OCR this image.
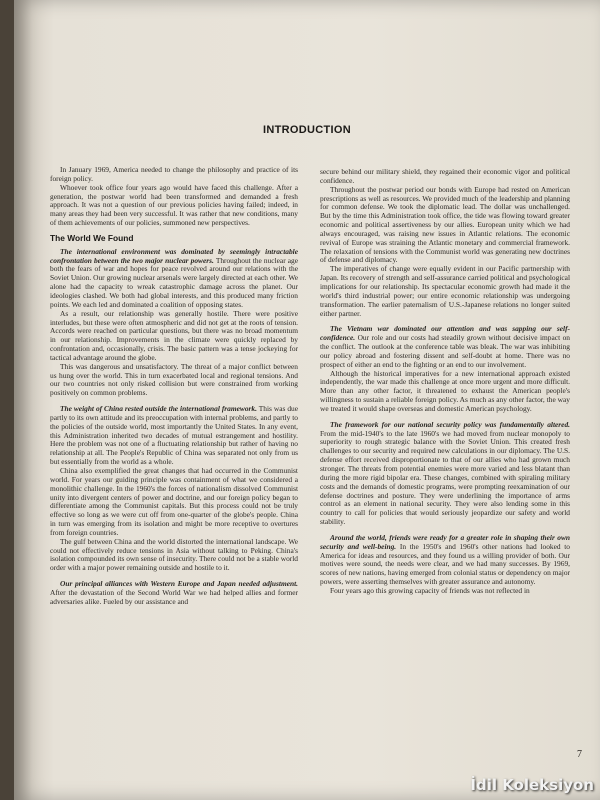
INTRODUCTION

In January 1969, America needed to change the philosophy and practice of its foreign policy.

Whoever took office four years ago would have faced this challenge. After a generation, the postwar world had been transformed and demanded a fresh approach. It was not a question of our previous policies having failed; indeed, in many areas they had been very successful. It was rather that new conditions, many of them achievements of our policies, summoned new perspectives.

The World We Found

The international environment was dominated by seemingly intractable confrontation between the two major nuclear powers. Throughout the nuclear age both the fears of war and hopes for peace revolved around our relations with the Soviet Union. Our growing nuclear arsenals were largely directed at each other. We alone had the capacity to wreak catastrophic damage across the planet. Our ideologies clashed. We both had global interests, and this produced many friction points. We each led and dominated a coalition of opposing states.

As a result, our relationship was generally hostile. There were positive interludes, but these were often atmospheric and did not get at the roots of tension. Accords were reached on particular questions, but there was no broad momentum in our relationship. Improvements in the climate were quickly replaced by confrontation and, occasionally, crisis. The basic pattern was a tense jockeying for tactical advantage around the globe.

This was dangerous and unsatisfactory. The threat of a major conflict between us hung over the world. This in turn exacerbated local and regional tensions. And our two countries not only risked collision but were constrained from working positively on common problems.

The weight of China rested outside the international framework. This was due partly to its own attitude and its preoccupation with internal problems, and partly to the policies of the outside world, most importantly the United States. In any event, this Administration inherited two decades of mutual estrangement and hostility. Here the problem was not one of a fluctuating relationship but rather of having no relationship at all. The People's Republic of China was separated not only from us but essentially from the world as a whole.

China also exemplified the great changes that had occurred in the Communist world. For years our guiding principle was containment of what we considered a monolithic challenge. In the 1960's the forces of nationalism dissolved Communist unity into divergent centers of power and doctrine, and our foreign policy began to differentiate among the Communist capitals. But this process could not be truly effective so long as we were cut off from one-quarter of the globe's people. China in turn was emerging from its isolation and might be more receptive to overtures from foreign countries.

The gulf between China and the world distorted the international landscape. We could not effectively reduce tensions in Asia without talking to Peking. China's isolation compounded its own sense of insecurity. There could not be a stable world order with a major power remaining outside and hostile to it.

Our principal alliances with Western Europe and Japan needed adjustment. After the devastation of the Second World War we had helped allies and former adversaries alike. Fueled by our assistance and

secure behind our military shield, they regained their economic vigor and political confidence.

Throughout the postwar period our bonds with Europe had rested on American prescriptions as well as resources. We provided much of the leadership and planning for common defense. We took the diplomatic lead. The dollar was unchallenged. But by the time this Administration took office, the tide was flowing toward greater economic and political assertiveness by our allies. European unity which we had always encouraged, was raising new issues in Atlantic relations. The economic revival of Europe was straining the Atlantic monetary and commercial framework. The relaxation of tensions with the Communist world was generating new doctrines of defense and diplomacy.

The imperatives of change were equally evident in our Pacific partnership with Japan. Its recovery of strength and self-assurance carried political and psychological implications for our relationship. Its spectacular economic growth had made it the world's third industrial power; our entire economic relationship was undergoing transformation. The earlier paternalism of U.S.-Japanese relations no longer suited either partner.

The Vietnam war dominated our attention and was sapping our self-confidence. Our role and our costs had steadily grown without decisive impact on the conflict. The outlook at the conference table was bleak. The war was inhibiting our policy abroad and fostering dissent and self-doubt at home. There was no prospect of either an end to the fighting or an end to our involvement.

Although the historical imperatives for a new international approach existed independently, the war made this challenge at once more urgent and more difficult. More than any other factor, it threatened to exhaust the American people's willingness to sustain a reliable foreign policy. As much as any other factor, the way we treated it would shape overseas and domestic American psychology.

The framework for our national security policy was fundamentally altered. From the mid-1940's to the late 1960's we had moved from nuclear monopoly to superiority to rough strategic balance with the Soviet Union. This created fresh challenges to our security and required new calculations in our diplomacy. The U.S. defense effort received disproportionate to that of our allies who had grown much stronger. The threats from potential enemies were more varied and less blatant than during the more rigid bipolar era. These changes, combined with spiraling military costs and the demands of domestic programs, were prompting reexamination of our defense doctrines and posture. They were underlining the importance of arms control as an element in national security. They were also lending some in this country to call for policies that would seriously jeopardize our safety and world stability.

Around the world, friends were ready for a greater role in shaping their own security and well-being. In the 1950's and 1960's other nations had looked to America for ideas and resources, and they found us a willing provider of both. Our motives were sound, the needs were clear, and we had many successes. By 1969, scores of new nations, having emerged from colonial status or dependency on major powers, were asserting themselves with greater assurance and autonomy.

Four years ago this growing capacity of friends was not reflected in

7
İdil Koleksiyon
